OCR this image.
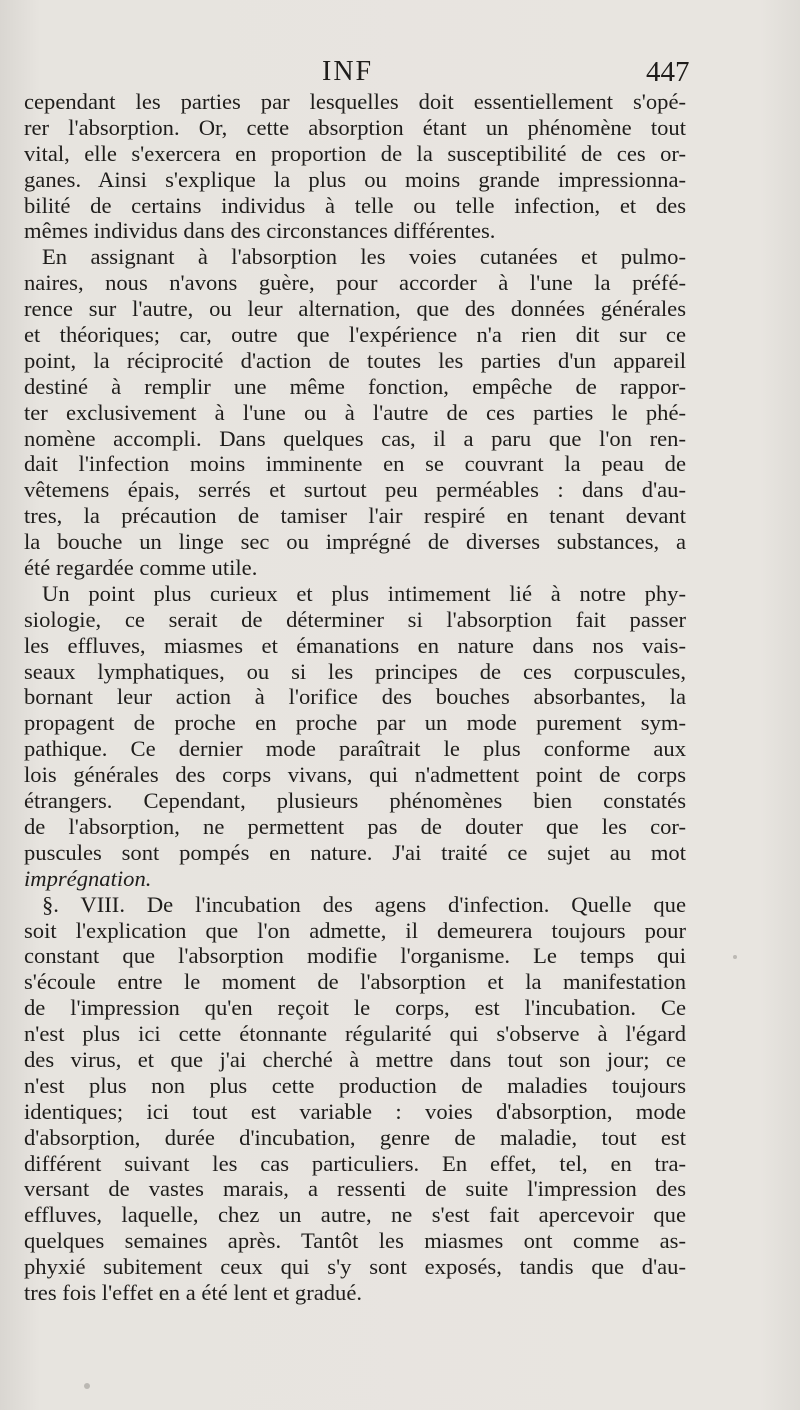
INF	447
cependant les parties par lesquelles doit essentiellement s'opé-
rer l'absorption. Or, cette absorption étant un phénomène tout
vital, elle s'exercera en proportion de la susceptibilité de ces or-
ganes. Ainsi s'explique la plus ou moins grande impressionna-
bilité de certains individus à telle ou telle infection, et des
mêmes individus dans des circonstances différentes.
En assignant à l'absorption les voies cutanées et pulmo-
naires, nous n'avons guère, pour accorder à l'une la préfé-
rence sur l'autre, ou leur alternation, que des données générales
et théoriques; car, outre que l'expérience n'a rien dit sur ce
point, la réciprocité d'action de toutes les parties d'un appareil
destiné à remplir une même fonction, empêche de rappor-
ter exclusivement à l'une ou à l'autre de ces parties le phé-
nomène accompli. Dans quelques cas, il a paru que l'on ren-
dait l'infection moins imminente en se couvrant la peau de
vêtemens épais, serrés et surtout peu perméables : dans d'au-
tres, la précaution de tamiser l'air respiré en tenant devant
la bouche un linge sec ou imprégné de diverses substances, a
été regardée comme utile.
Un point plus curieux et plus intimement lié à notre phy-
siologie, ce serait de déterminer si l'absorption fait passer
les effluves, miasmes et émanations en nature dans nos vais-
seaux lymphatiques, ou si les principes de ces corpuscules,
bornant leur action à l'orifice des bouches absorbantes, la
propagent de proche en proche par un mode purement sym-
pathique. Ce dernier mode paraîtrait le plus conforme aux
lois générales des corps vivans, qui n'admettent point de corps
étrangers. Cependant, plusieurs phénomènes bien constatés
de l'absorption, ne permettent pas de douter que les cor-
puscules sont pompés en nature. J'ai traité ce sujet au mot
imprégnation.
§. VIII. De l'incubation des agens d'infection. Quelle que
soit l'explication que l'on admette, il demeurera toujours pour
constant que l'absorption modifie l'organisme. Le temps qui
s'écoule entre le moment de l'absorption et la manifestation
de l'impression qu'en reçoit le corps, est l'incubation. Ce
n'est plus ici cette étonnante régularité qui s'observe à l'égard
des virus, et que j'ai cherché à mettre dans tout son jour; ce
n'est plus non plus cette production de maladies toujours
identiques; ici tout est variable : voies d'absorption, mode
d'absorption, durée d'incubation, genre de maladie, tout est
différent suivant les cas particuliers. En effet, tel, en tra-
versant de vastes marais, a ressenti de suite l'impression des
effluves, laquelle, chez un autre, ne s'est fait apercevoir que
quelques semaines après. Tantôt les miasmes ont comme as-
phyxié subitement ceux qui s'y sont exposés, tandis que d'au-
tres fois l'effet en a été lent et gradué.
